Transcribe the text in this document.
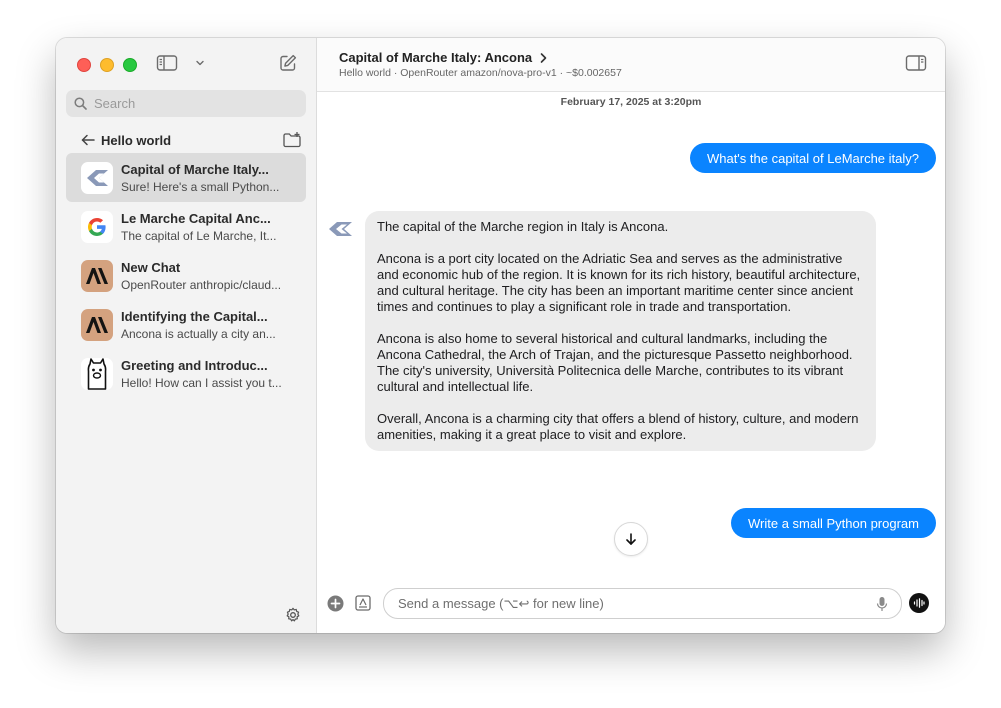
Search
Hello world
Capital of Marche Italy...
Sure! Here's a small Python...
Le Marche Capital Anc...
The capital of Le Marche, It...
New Chat
OpenRouter anthropic/claud...
Identifying the Capital...
Ancona is actually a city an...
Greeting and Introduc...
Hello! How can I assist you t...
Capital of Marche Italy: Ancona
Hello world · OpenRouter amazon/nova-pro-v1 · ~$0.002657
February 17, 2025 at 3:20pm
What's the capital of LeMarche italy?

The capital of the Marche region in Italy is Ancona.

Ancona is a port city located on the Adriatic Sea and serves as the administrative and economic hub of the region. It is known for its rich history, beautiful architecture, and cultural heritage. The city has been an important maritime center since ancient times and continues to play a significant role in trade and transportation.

Ancona is also home to several historical and cultural landmarks, including the Ancona Cathedral, the Arch of Trajan, and the picturesque Passetto neighborhood. The city's university, Università Politecnica delle Marche, contributes to its vibrant cultural and intellectual life.

Overall, Ancona is a charming city that offers a blend of history, culture, and modern amenities, making it a great place to visit and explore.

Write a small Python program
Send a message (⌥↩ for new line)
